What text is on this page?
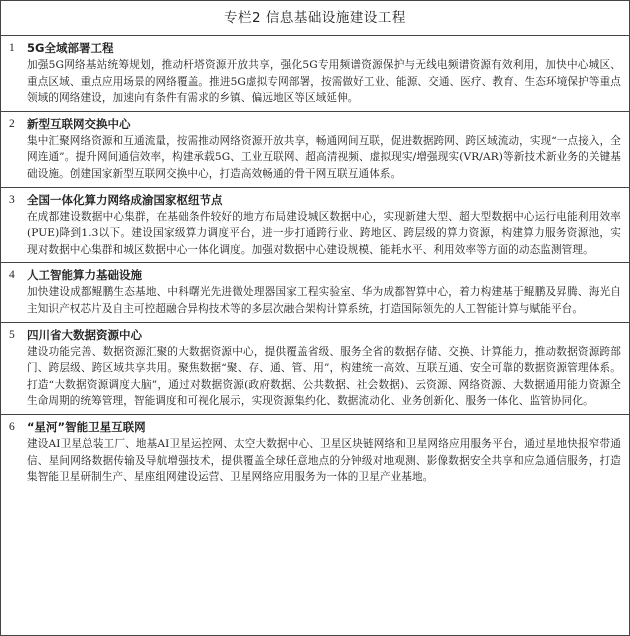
专栏2 信息基础设施建设工程
1 5G全域部署工程
加强5G网络基站统筹规划，推动杆塔资源开放共享，强化5G专用频谱资源保护与无线电频谱资源有效利用，加快中心城区、重点区域、重点应用场景的网络覆盖。推进5G虚拟专网部署，按需做好工业、能源、交通、医疗、教育、生态环境保护等重点领域的网络建设，加速向有条件有需求的乡镇、偏远地区等区域延伸。
2 新型互联网交换中心
集中汇聚网络资源和互通流量，按需推动网络资源开放共享，畅通网间互联，促进数据跨网、跨区域流动，实现“一点接入，全网连通”。提升网间通信效率，构建承载5G、工业互联网、超高清视频、虚拟现实/增强现实(VR/AR)等新技术新业务的关键基础设施。创建国家新型互联网交换中心，打造高效畅通的骨干网互联互通体系。
3 全国一体化算力网络成渝国家枢纽节点
在成都建设数据中心集群，在基础条件较好的地方布局建设城区数据中心，实现新建大型、超大型数据中心运行电能利用效率(PUE)降到1.3以下。建设国家级算力调度平台，进一步打通跨行业、跨地区、跨层级的算力资源，构建算力服务资源池，实现对数据中心集群和城区数据中心一体化调度。加强对数据中心建设规模、能耗水平、利用效率等方面的动态监测管理。
4 人工智能算力基础设施
加快建设成都鲲鹏生态基地、中科曙光先进微处理器国家工程实验室、华为成都智算中心，着力构建基于鲲鹏及昇腾、海光自主知识产权芯片及自主可控超融合异构技术等的多层次融合架构计算系统，打造国际领先的人工智能计算与赋能平台。
5 四川省大数据资源中心
建设功能完善、数据资源汇聚的大数据资源中心，提供覆盖省级、服务全省的数据存储、交换、计算能力，推动数据资源跨部门、跨层级、跨区域共享共用。聚焦数据“聚、存、通、管、用”，构建统一高效、互联互通、安全可靠的数据资源管理体系。打造“大数据资源调度大脑”，通过对数据资源(政府数据、公共数据、社会数据)、云资源、网络资源、大数据通用能力资源全生命周期的统筹管理，智能调度和可视化展示，实现资源集约化、数据流动化、业务创新化、服务一体化、监管协同化。
6 “星河”智能卫星互联网
建设AI卫星总装工厂、地基AI卫星运控网、太空大数据中心、卫星区块链网络和卫星网络应用服务平台，通过星地快报窄带通信、星间网络数据传输及导航增强技术，提供覆盖全球任意地点的分钟级对地观测、影像数据安全共享和应急通信服务，打造集智能卫星研制生产、星座组网建设运营、卫星网络应用服务为一体的卫星产业基地。
